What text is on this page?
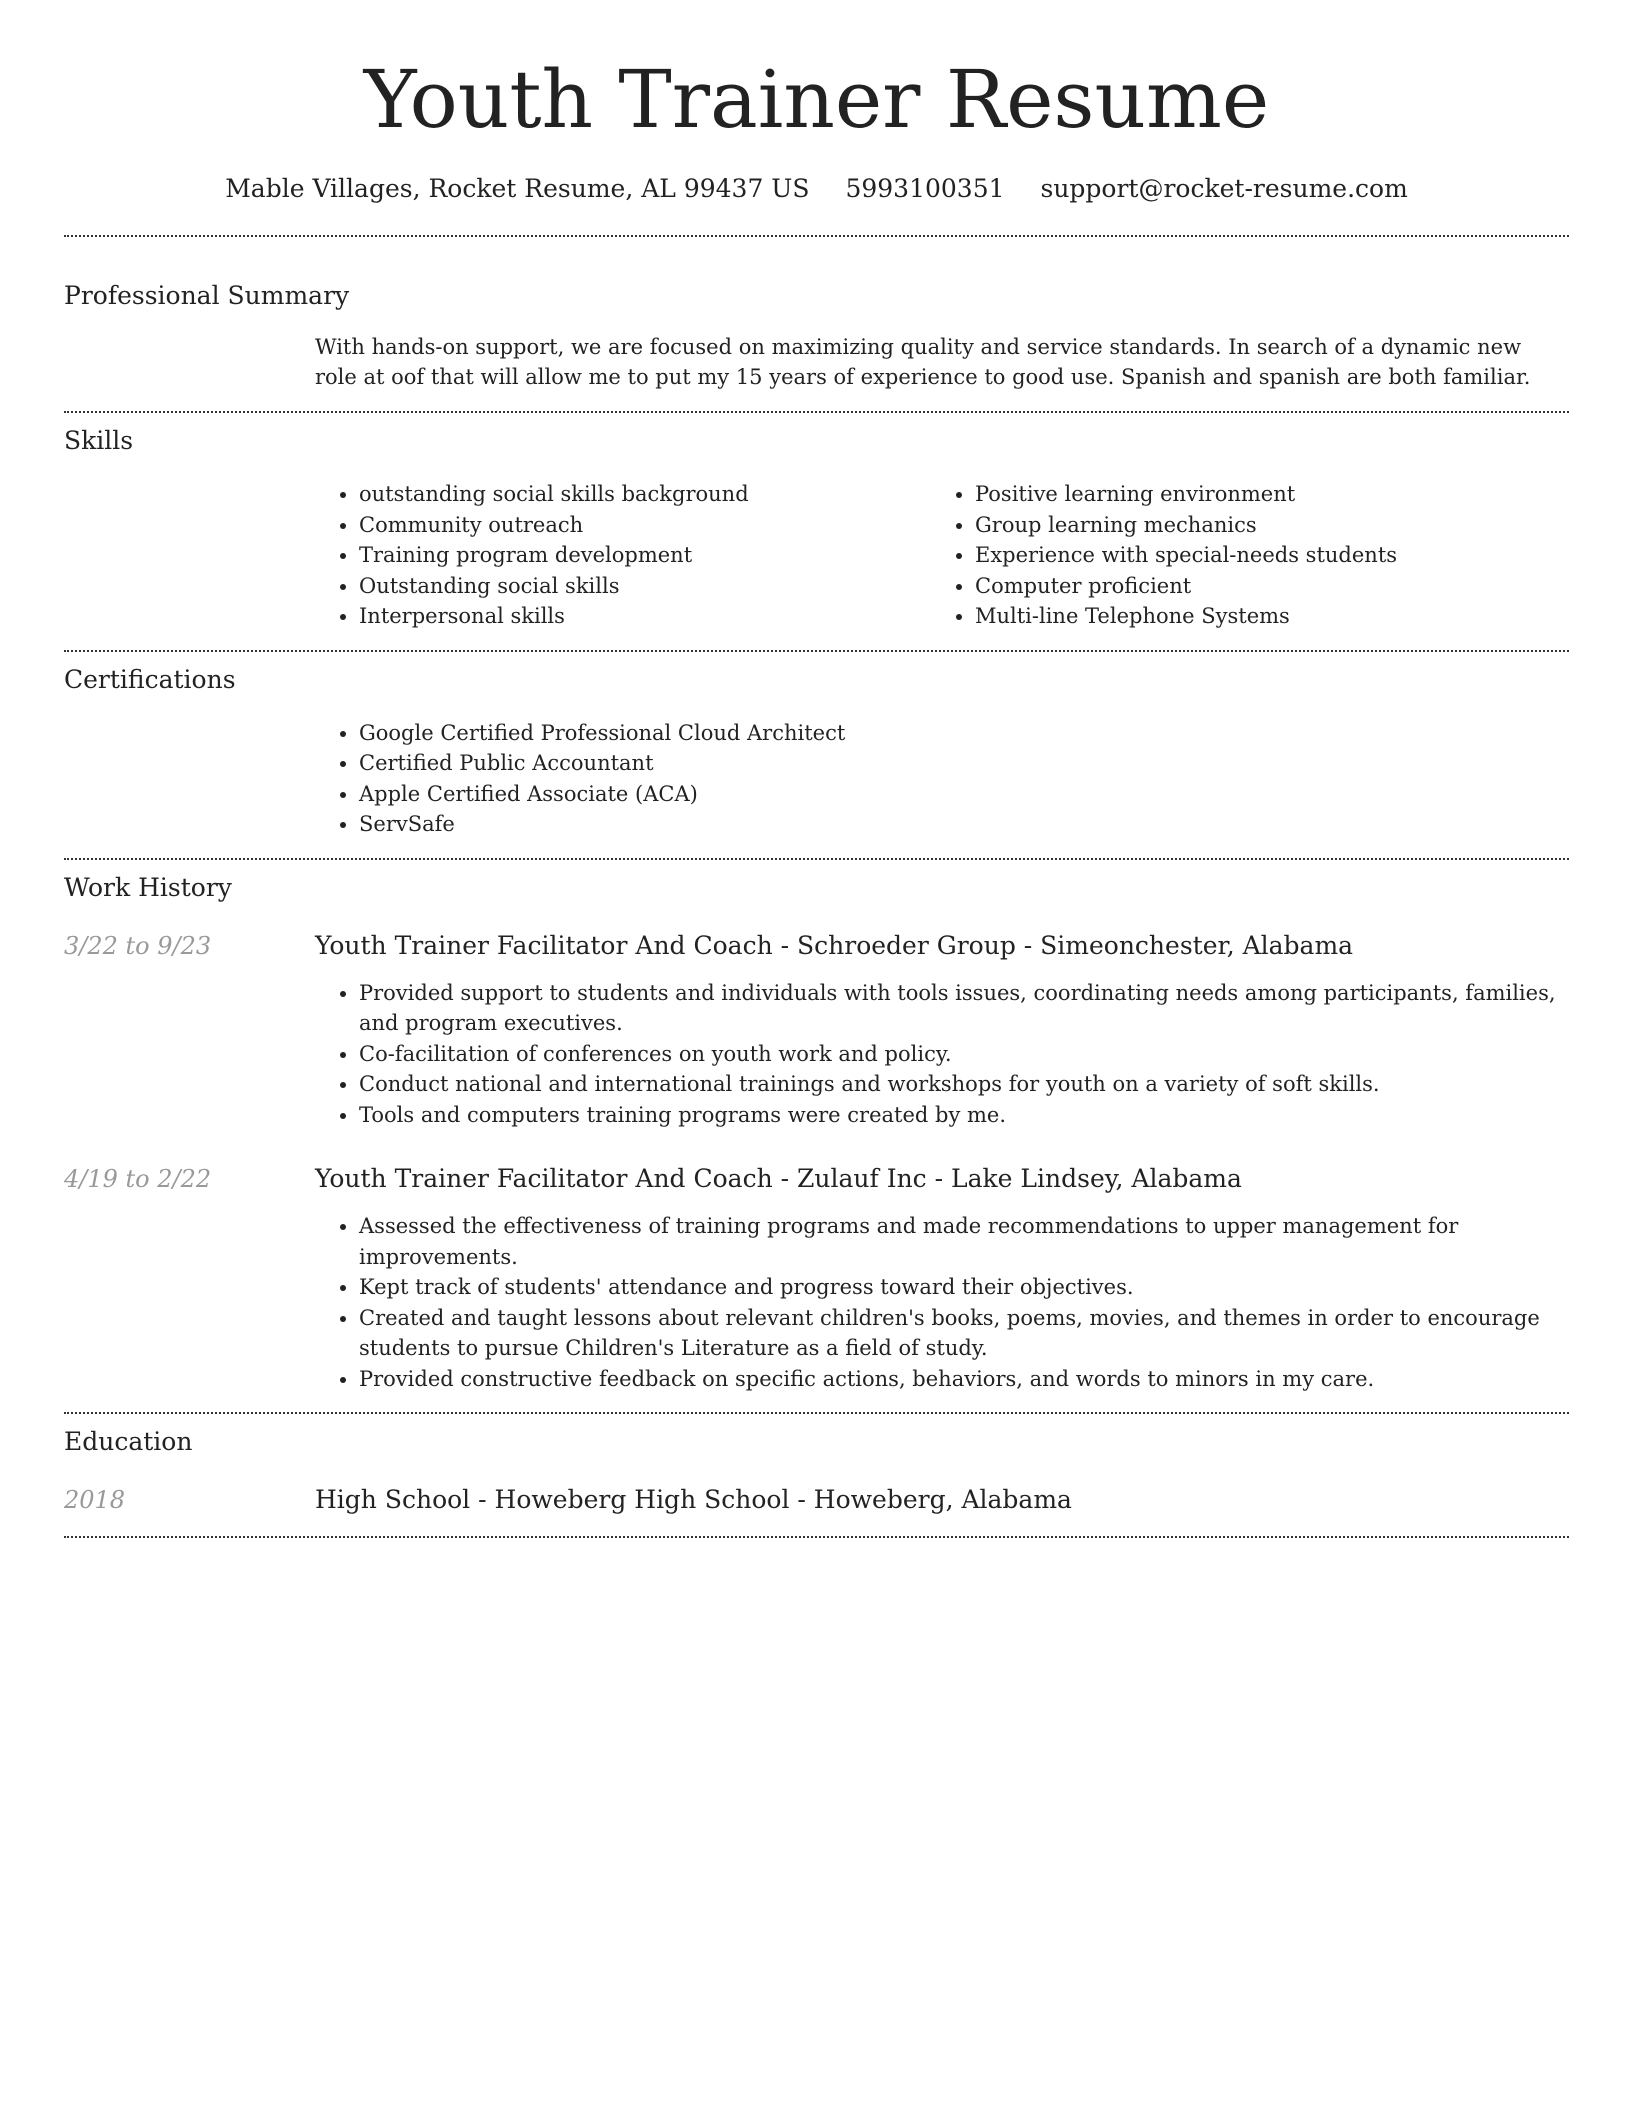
Youth Trainer Resume
Mable Villages, Rocket Resume, AL 99437 US 5993100351 support@rocket-resume.com
Professional Summary
With hands-on support, we are focused on maximizing quality and service standards. In search of a dynamic new role at oof that will allow me to put my 15 years of experience to good use. Spanish and spanish are both familiar.
Skills
• outstanding social skills background
• Community outreach
• Training program development
• Outstanding social skills
• Interpersonal skills
• Positive learning environment
• Group learning mechanics
• Experience with special-needs students
• Computer proficient
• Multi-line Telephone Systems
Certifications
• Google Certified Professional Cloud Architect
• Certified Public Accountant
• Apple Certified Associate (ACA)
• ServSafe
Work History
3/22 to 9/23	Youth Trainer Facilitator And Coach - Schroeder Group - Simeonchester, Alabama
• Provided support to students and individuals with tools issues, coordinating needs among participants, families, and program executives.
• Co-facilitation of conferences on youth work and policy.
• Conduct national and international trainings and workshops for youth on a variety of soft skills.
• Tools and computers training programs were created by me.
4/19 to 2/22	Youth Trainer Facilitator And Coach - Zulauf Inc - Lake Lindsey, Alabama
• Assessed the effectiveness of training programs and made recommendations to upper management for improvements.
• Kept track of students' attendance and progress toward their objectives.
• Created and taught lessons about relevant children's books, poems, movies, and themes in order to encourage students to pursue Children's Literature as a field of study.
• Provided constructive feedback on specific actions, behaviors, and words to minors in my care.
Education
2018	High School - Howeberg High School - Howeberg, Alabama
